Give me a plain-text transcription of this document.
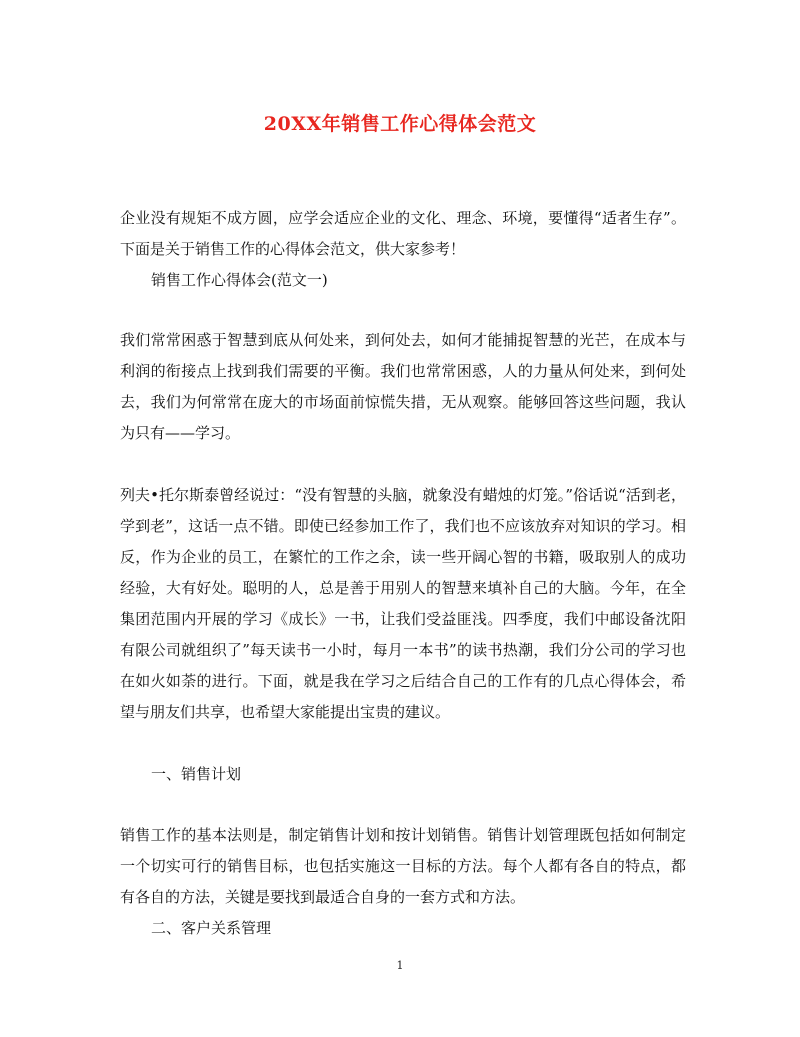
20XX年销售工作心得体会范文

企业没有规矩不成方圆，应学会适应企业的文化、理念、环境，要懂得“适者生存”。下面是关于销售工作的心得体会范文，供大家参考！

销售工作心得体会(范文一)

我们常常困惑于智慧到底从何处来，到何处去，如何才能捕捉智慧的光芒，在成本与利润的衔接点上找到我们需要的平衡。我们也常常困惑，人的力量从何处来，到何处去，我们为何常常在庞大的市场面前惊慌失措，无从观察。能够回答这些问题，我认为只有——学习。

列夫•托尔斯泰曾经说过：“没有智慧的头脑，就象没有蜡烛的灯笼。”俗话说“活到老，学到老”，这话一点不错。即使已经参加工作了，我们也不应该放弃对知识的学习。相反，作为企业的员工，在繁忙的工作之余，读一些开阔心智的书籍，吸取别人的成功经验，大有好处。聪明的人，总是善于用别人的智慧来填补自己的大脑。今年，在全集团范围内开展的学习《成长》一书，让我们受益匪浅。四季度，我们中邮设备沈阳有限公司就组织了”每天读书一小时，每月一本书”的读书热潮，我们分公司的学习也在如火如荼的进行。下面，就是我在学习之后结合自己的工作有的几点心得体会，希望与朋友们共享，也希望大家能提出宝贵的建议。

一、销售计划

销售工作的基本法则是，制定销售计划和按计划销售。销售计划管理既包括如何制定一个切实可行的销售目标，也包括实施这一目标的方法。每个人都有各自的特点，都有各自的方法，关键是要找到最适合自身的一套方式和方法。

二、客户关系管理

1
